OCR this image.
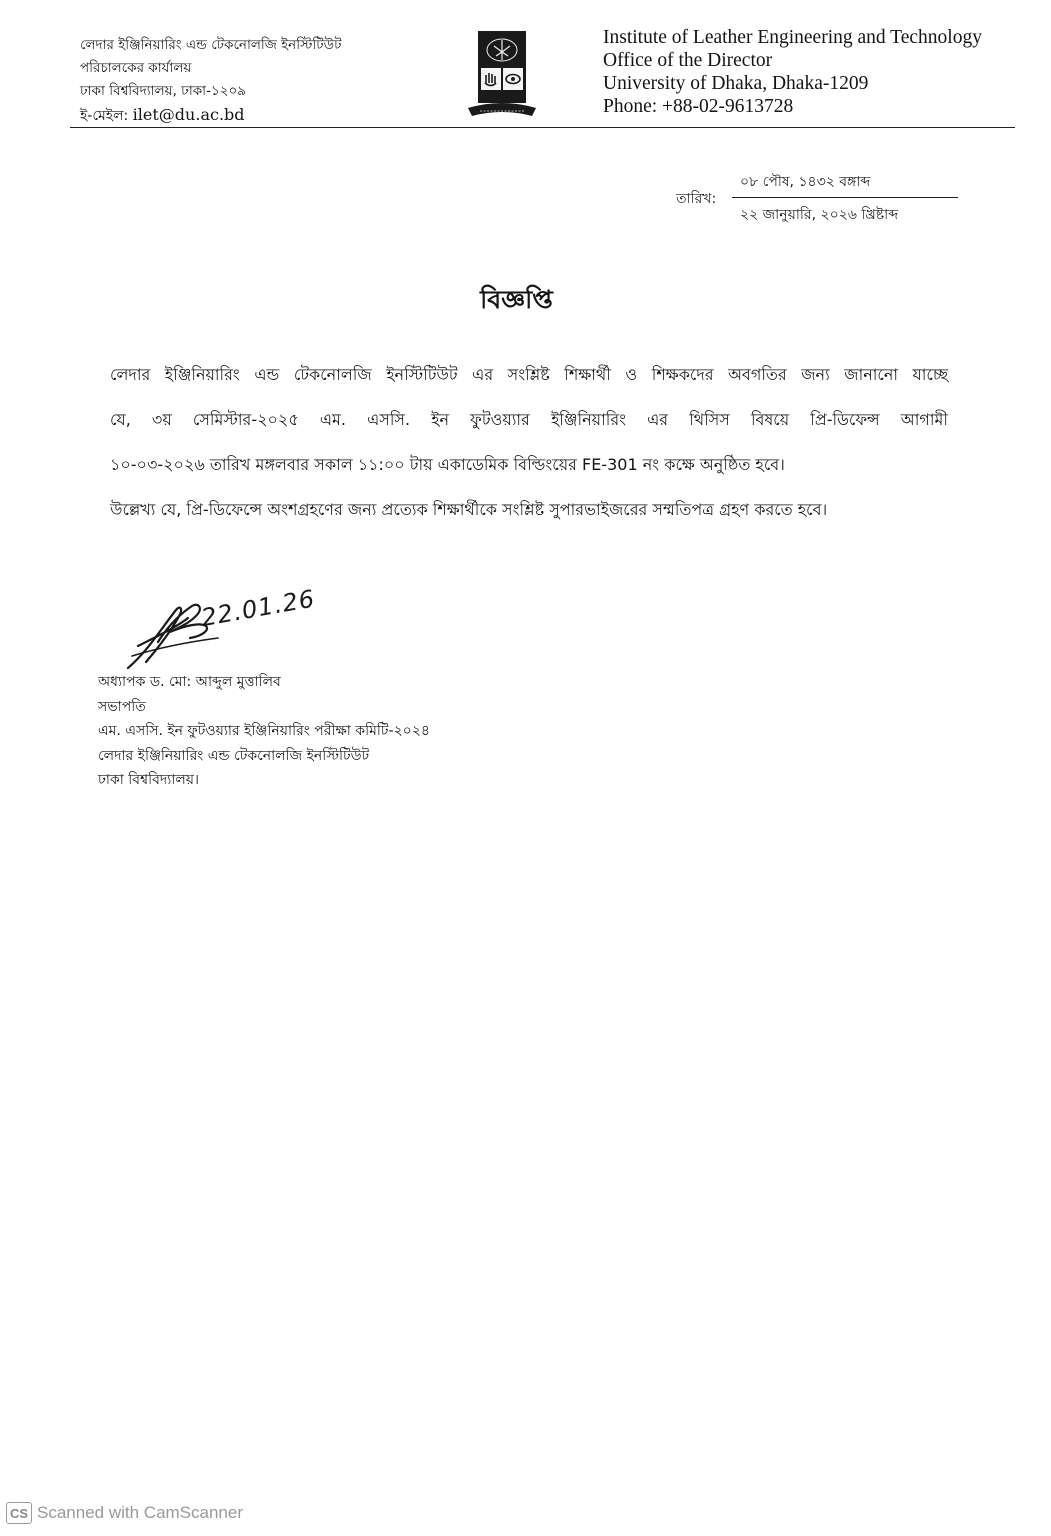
লেদার ইঞ্জিনিয়ারিং এন্ড টেকনোলজি ইনস্টিটিউট
পরিচালকের কার্যালয়
ঢাকা বিশ্ববিদ্যালয়, ঢাকা-১২০৯
ই-মেইল: ilet@du.ac.bd
Institute of Leather Engineering and Technology
Office of the Director
University of Dhaka, Dhaka-1209
Phone: +88-02-9613728
তারিখ:
০৮ পৌষ, ১৪৩২ বঙ্গাব্দ
২২ জানুয়ারি, ২০২৬ খ্রিষ্টাব্দ
বিজ্ঞপ্তি
লেদার ইঞ্জিনিয়ারিং এন্ড টেকনোলজি ইনস্টিটিউট এর সংশ্লিষ্ট শিক্ষার্থী ও শিক্ষকদের অবগতির জন্য জানানো যাচ্ছে
যে, ৩য় সেমিস্টার-২০২৫ এম. এসসি. ইন ফুটওয়্যার ইঞ্জিনিয়ারিং এর থিসিস বিষয়ে প্রি-ডিফেন্স আগামী
১০-০৩-২০২৬ তারিখ মঙ্গলবার সকাল ১১:০০ টায় একাডেমিক বিল্ডিংয়ের FE-301 নং কক্ষে অনুষ্ঠিত হবে।
উল্লেখ্য যে, প্রি-ডিফেন্সে অংশগ্রহণের জন্য প্রত্যেক শিক্ষার্থীকে সংশ্লিষ্ট সুপারভাইজরের সম্মতিপত্র গ্রহণ করতে হবে।
22.01.26
অধ্যাপক ড. মো: আব্দুল মুত্তালিব
সভাপতি
এম. এসসি. ইন ফুটওয়্যার ইঞ্জিনিয়ারিং পরীক্ষা কমিটি-২০২৪
লেদার ইঞ্জিনিয়ারিং এন্ড টেকনোলজি ইনস্টিটিউট
ঢাকা বিশ্ববিদ্যালয়।
CS Scanned with CamScanner
